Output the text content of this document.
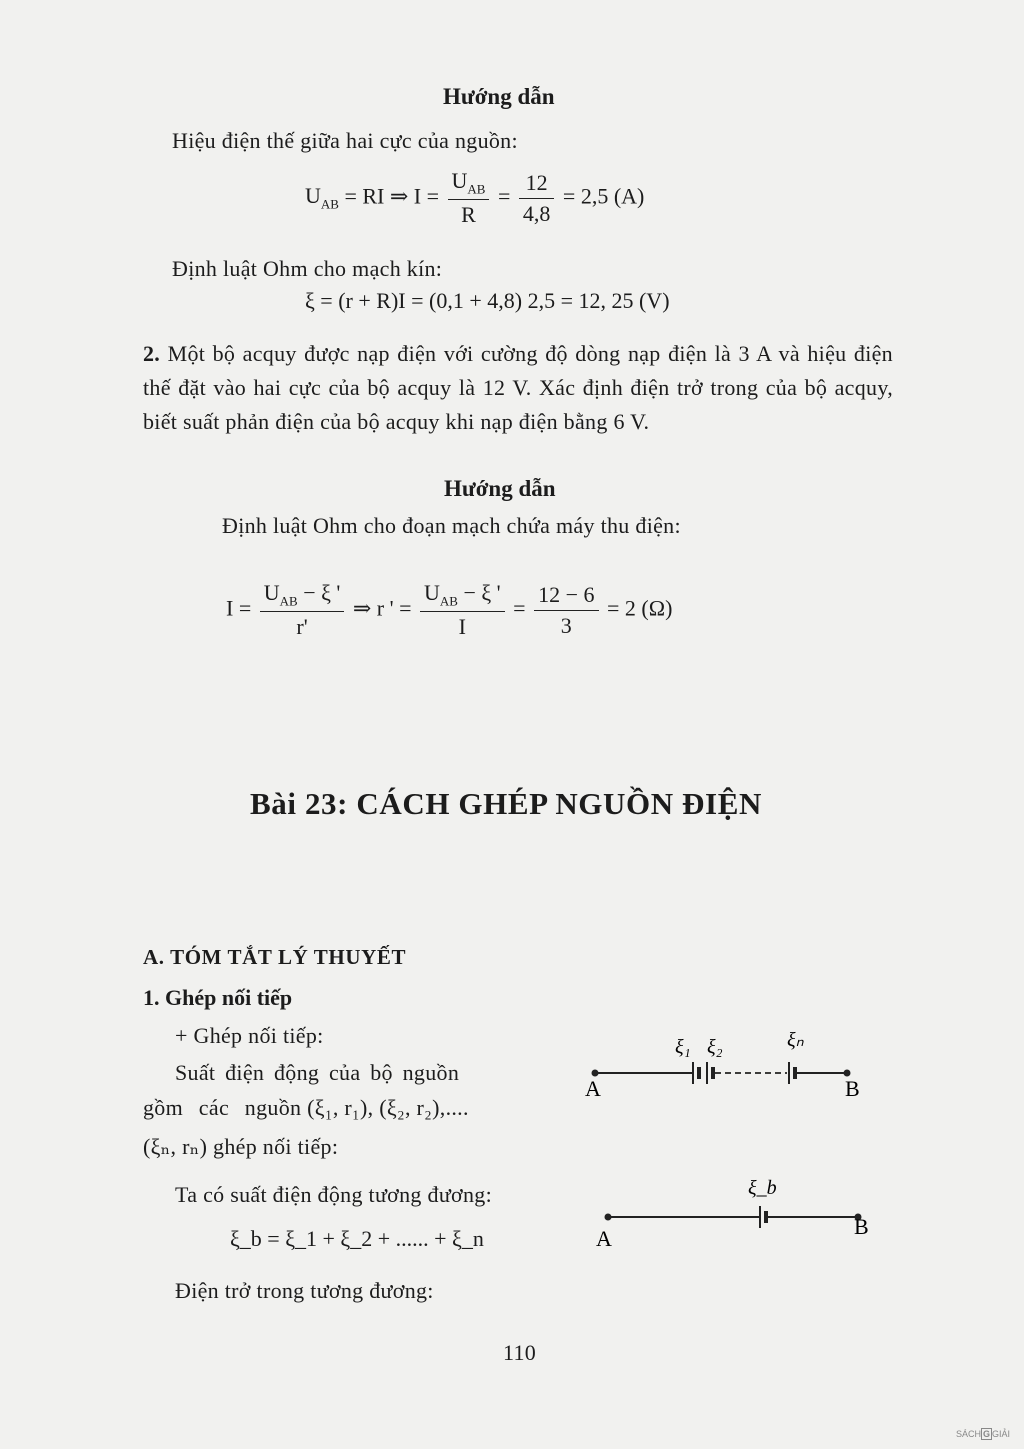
Hướng dẫn
Hiệu điện thế giữa hai cực của nguồn:
$U_{AB}$ = RI ⇒ $I = \frac{U_{AB}}{R} = \frac{12}{4,8} = 2,5$ (A)
Định luật Ohm cho mạch kín:
ξ = (r + R)I = (0,1 + 4,8) 2,5 = 12, 25 (V)
2. Một bộ acquy được nạp điện với cường độ dòng nạp điện là 3 A và hiệu điện thế đặt vào hai cực của bộ acquy là 12 V. Xác định điện trở trong của bộ acquy, biết suất phản điện của bộ acquy khi nạp điện bằng 6 V.
Hướng dẫn
Định luật Ohm cho đoạn mạch chứa máy thu điện:
$I = \frac{U_{AB} - \xi '}{r'}$ ⇒ r ' = $\frac{U_{AB} - \xi '}{I} = \frac{12 - 6}{3} = 2$ (Ω)
Bài 23: CÁCH GHÉP NGUỒN ĐIỆN
A. TÓM TẮT LÝ THUYẾT
1. Ghép nối tiếp
+ Ghép nối tiếp:
Suất điện động của bộ nguồn
gồm các nguồn (ξ₁, r₁), (ξ₂, r₂),....
(ξₙ, rₙ) ghép nối tiếp:
Ta có suất điện động tương đương:
ξ_b = ξ_1 + ξ_2 + ...... + ξ_n
Điện trở trong tương đương:
ξ₁ ξ₂	ξₙ
A	B
ξ_b
A	B
110
SÁCH G GIẢI
